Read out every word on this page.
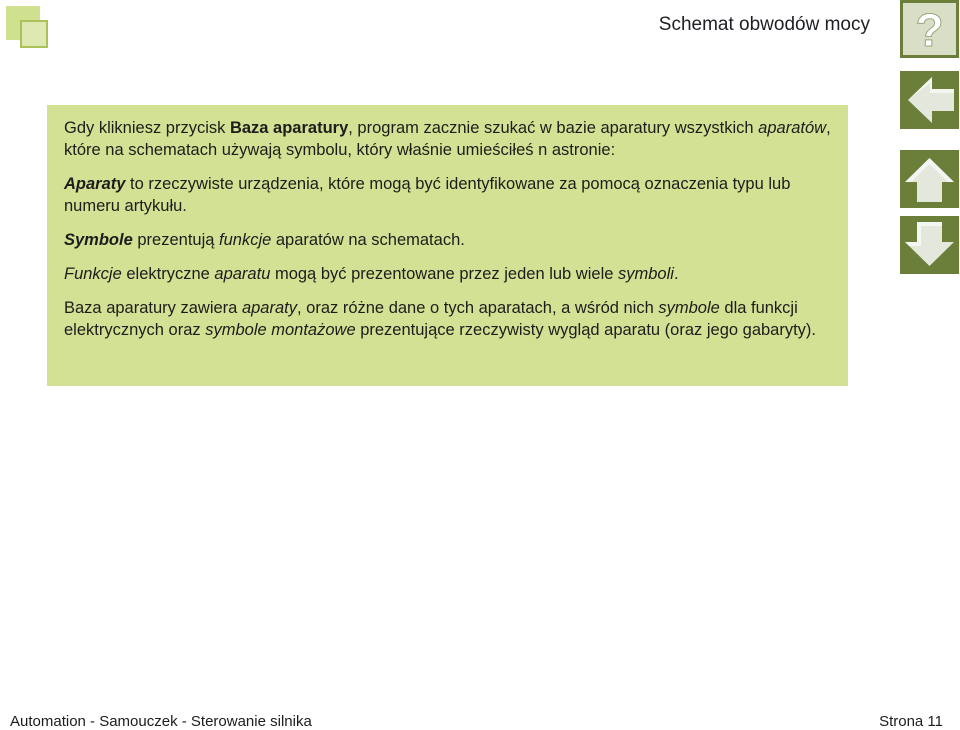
Schemat obwodów mocy ?

Gdy klikniesz przycisk Baza aparatury, program zacznie szukać w bazie aparatury wszystkich aparatów, które na schematach używają symbolu, który właśnie umieściłeś n astronie:

Aparaty to rzeczywiste urządzenia, które mogą być identyfikowane za pomocą oznaczenia typu lub numeru artykułu.

Symbole prezentują funkcje aparatów na schematach.

Funkcje elektryczne aparatu mogą być prezentowane przez jeden lub wiele symboli.

Baza aparatury zawiera aparaty, oraz różne dane o tych aparatach, a wśród nich symbole dla funkcji elektrycznych oraz symbole montażowe prezentujące rzeczywisty wygląd aparatu (oraz jego gabaryty).

Automation - Samouczek - Sterowanie silnika	Strona 11
